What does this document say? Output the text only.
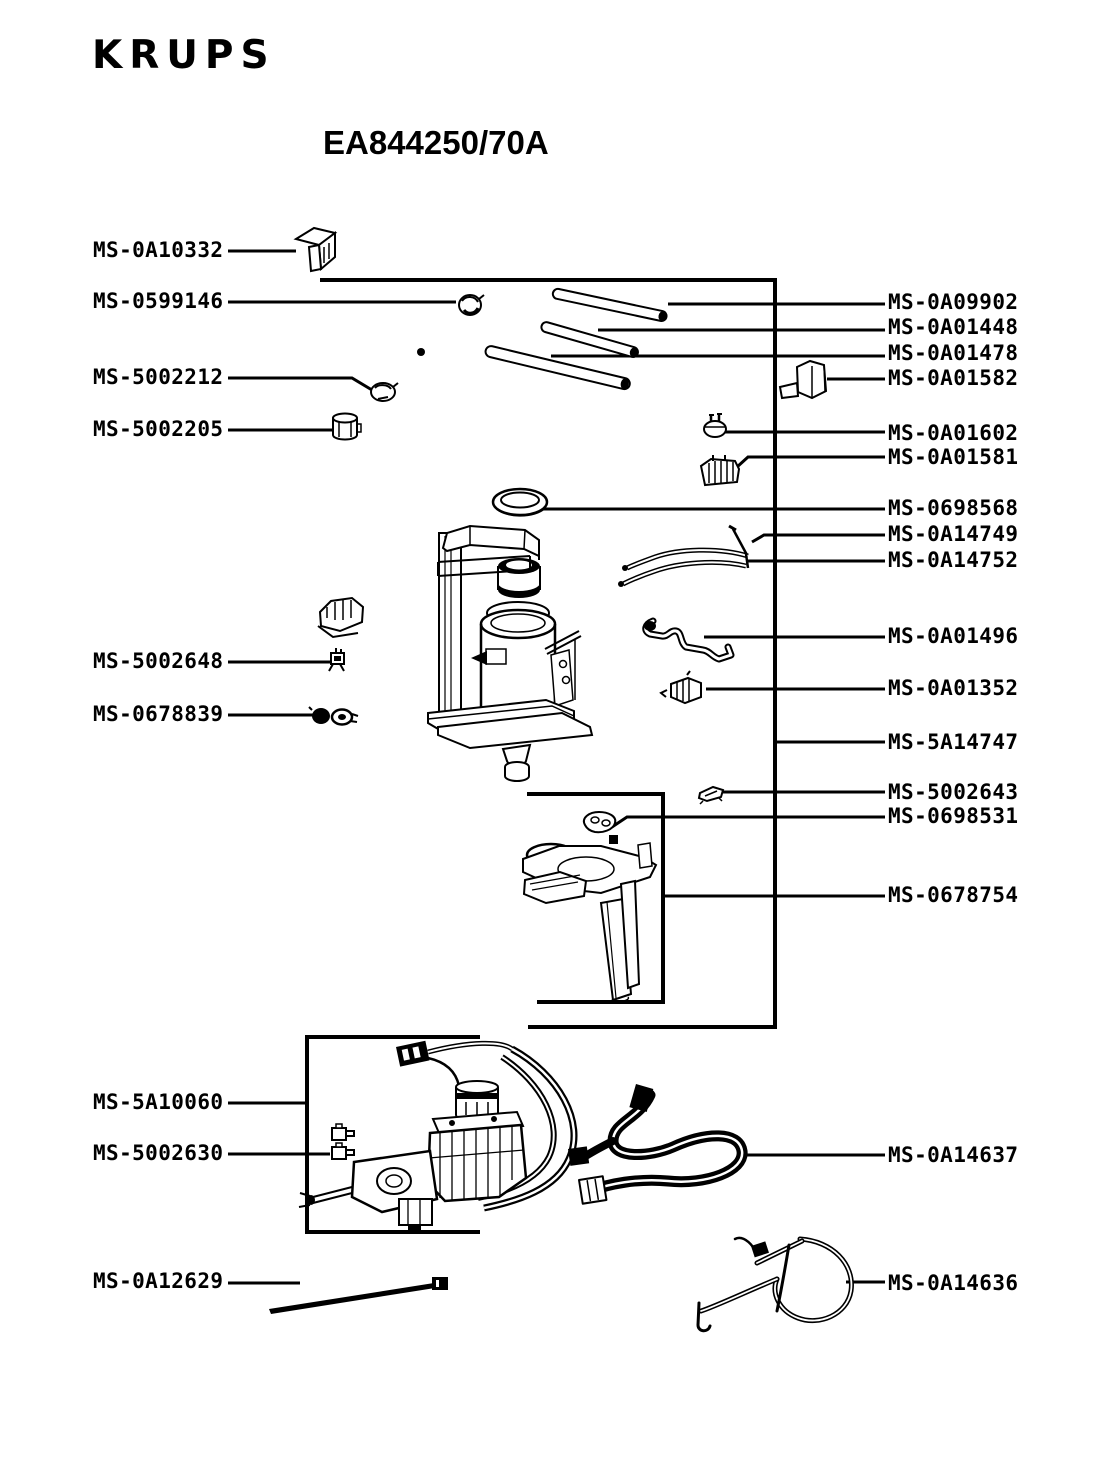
KRUPS
EA844250/70A
MS-0A10332
MS-0599146
MS-5002212
MS-5002205
MS-5002648
MS-0678839
MS-5A10060
MS-5002630
MS-0A12629
MS-0A09902
MS-0A01448
MS-0A01478
MS-0A01582
MS-0A01602
MS-0A01581
MS-0698568
MS-0A14749
MS-0A14752
MS-0A01496
MS-0A01352
MS-5A14747
MS-5002643
MS-0698531
MS-0678754
MS-0A14637
MS-0A14636
